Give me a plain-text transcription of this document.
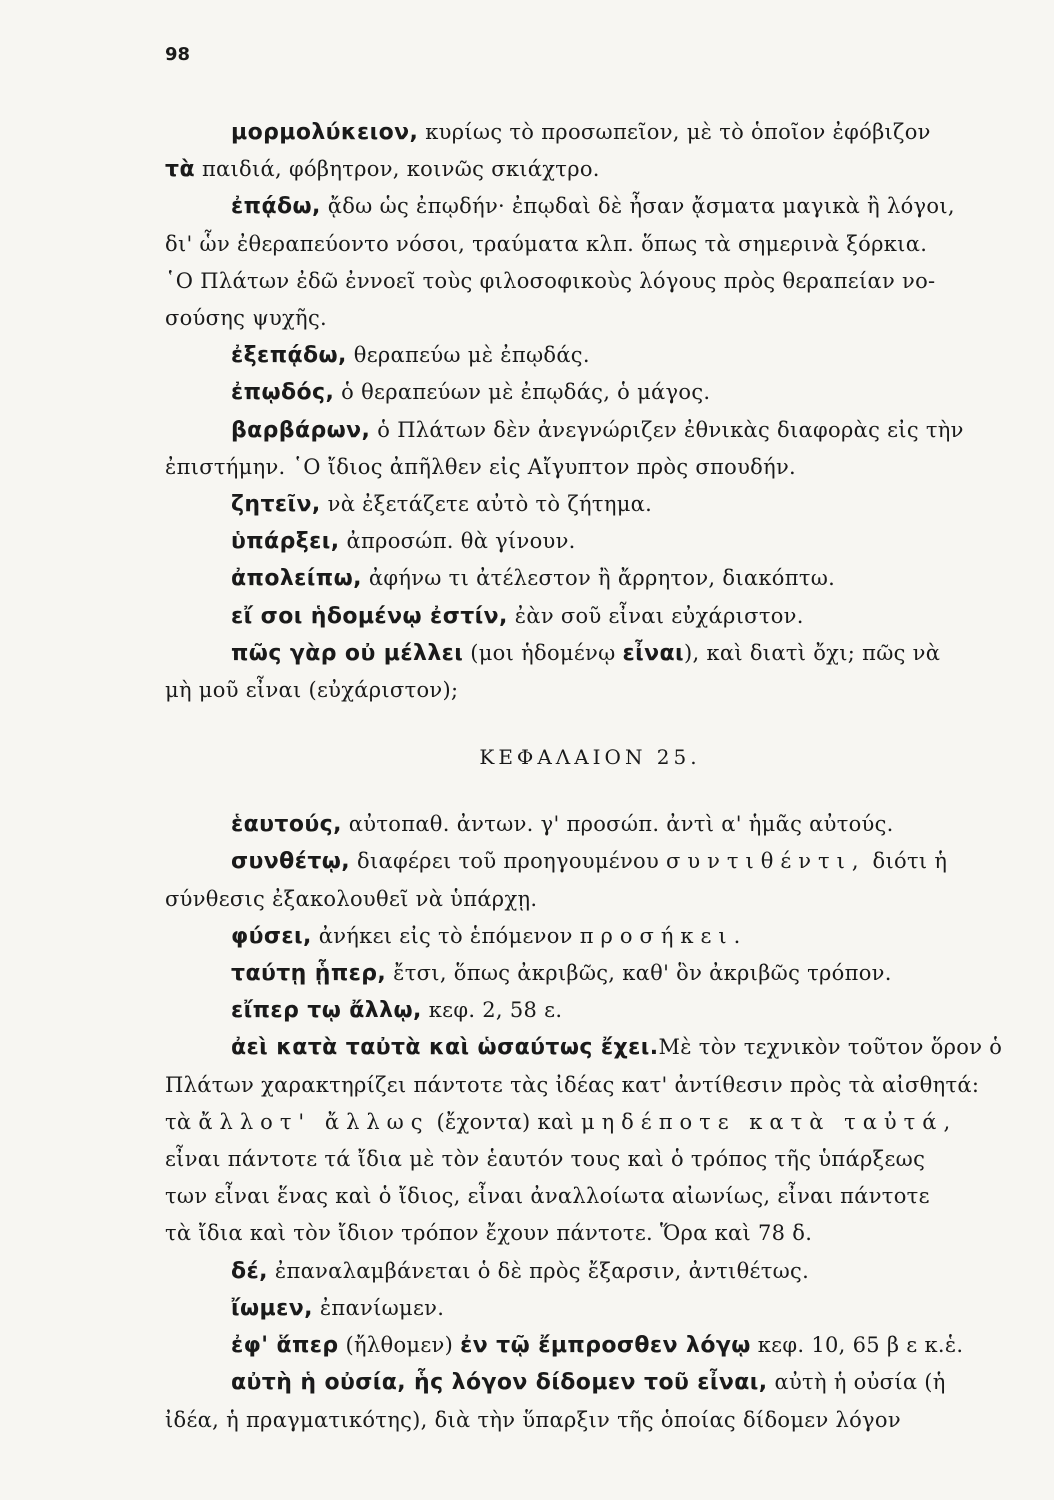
98
μορμολύκειον, κυρίως τὸ προσωπεῖον, μὲ τὸ ὁποῖον ἐφόβιζον
τὰ παιδιά, φόβητρον, κοινῶς σκιάχτρο.
ἐπᾴδω, ᾄδω ὡς ἐπῳδήν· ἐπῳδαὶ δὲ ἦσαν ᾄσματα μαγικὰ ἢ λόγοι,
δι' ὧν ἐθεραπεύοντο νόσοι, τραύματα κλπ. ὅπως τὰ σημερινὰ ξόρκια.
῾Ο Πλάτων ἐδῶ ἐννοεῖ τοὺς φιλοσοφικοὺς λόγους πρὸς θεραπείαν νο-
σούσης ψυχῆς.
ἐξεπᾴδω, θεραπεύω μὲ ἐπῳδάς.
ἐπῳδός, ὁ θεραπεύων μὲ ἐπῳδάς, ὁ μάγος.
βαρβάρων, ὁ Πλάτων δὲν ἀνεγνώριζεν ἐθνικὰς διαφορὰς εἰς τὴν
ἐπιστήμην. ῾Ο ἴδιος ἀπῆλθεν εἰς Αἴγυπτον πρὸς σπουδήν.
ζητεῖν, νὰ ἐξετάζετε αὐτὸ τὸ ζήτημα.
ὑπάρξει, ἀπροσώπ. θὰ γίνουν.
ἀπολείπω, ἀφήνω τι ἀτέλεστον ἢ ἄρρητον, διακόπτω.
εἴ σοι ἡδομένῳ ἐστίν, ἐὰν σοῦ εἶναι εὐχάριστον.
πῶς γὰρ οὐ μέλλει (μοι ἡδομένῳ εἶναι), καὶ διατὶ ὄχι; πῶς νὰ
μὴ μοῦ εἶναι (εὐχάριστον);
ΚΕΦΑΛΑΙΟΝ 25.
ἑαυτούς, αὐτοπαθ. ἀντων. γ' προσώπ. ἀντὶ α' ἡμᾶς αὐτούς.
συνθέτῳ, διαφέρει τοῦ προηγουμένου συντιθέντι, διότι ἡ
σύνθεσις ἐξακολουθεῖ νὰ ὑπάρχῃ.
φύσει, ἀνήκει εἰς τὸ ἑπόμενον προσήκει.
ταύτῃ ᾗπερ, ἔτσι, ὅπως ἀκριβῶς, καθ' ὃν ἀκριβῶς τρόπον.
εἴπερ τῳ ἄλλῳ, κεφ. 2, 58 ε.
ἀεὶ κατὰ ταὐτὰ καὶ ὡσαύτως ἔχει.Μὲ τὸν τεχνικὸν τοῦτον ὅρον ὁ
Πλάτων χαρακτηρίζει πάντοτε τὰς ἰδέας κατ' ἀντίθεσιν πρὸς τὰ αἰσθητά:
τὰ ἄλλοτ' ἄλλως (ἔχοντα) καὶ μηδέποτε κατὰ ταὐτά,
εἶναι πάντοτε τά ἴδια μὲ τὸν ἑαυτόν τους καὶ ὁ τρόπος τῆς ὑπάρξεως
των εἶναι ἕνας καὶ ὁ ἴδιος, εἶναι ἀναλλοίωτα αἰωνίως, εἶναι πάντοτε
τὰ ἴδια καὶ τὸν ἴδιον τρόπον ἔχουν πάντοτε. Ὅρα καὶ 78 δ.
δέ, ἐπαναλαμβάνεται ὁ δὲ πρὸς ἔξαρσιν, ἀντιθέτως.
ἴωμεν, ἐπανίωμεν.
ἐφ' ἅπερ (ἤλθομεν) ἐν τῷ ἔμπροσθεν λόγῳ κεφ. 10, 65 β ε κ.ἑ.
αὐτὴ ἡ οὐσία, ἧς λόγον δίδομεν τοῦ εἶναι, αὐτὴ ἡ οὐσία (ἡ
ἰδέα, ἡ πραγματικότης), διὰ τὴν ὕπαρξιν τῆς ὁποίας δίδομεν λόγον
